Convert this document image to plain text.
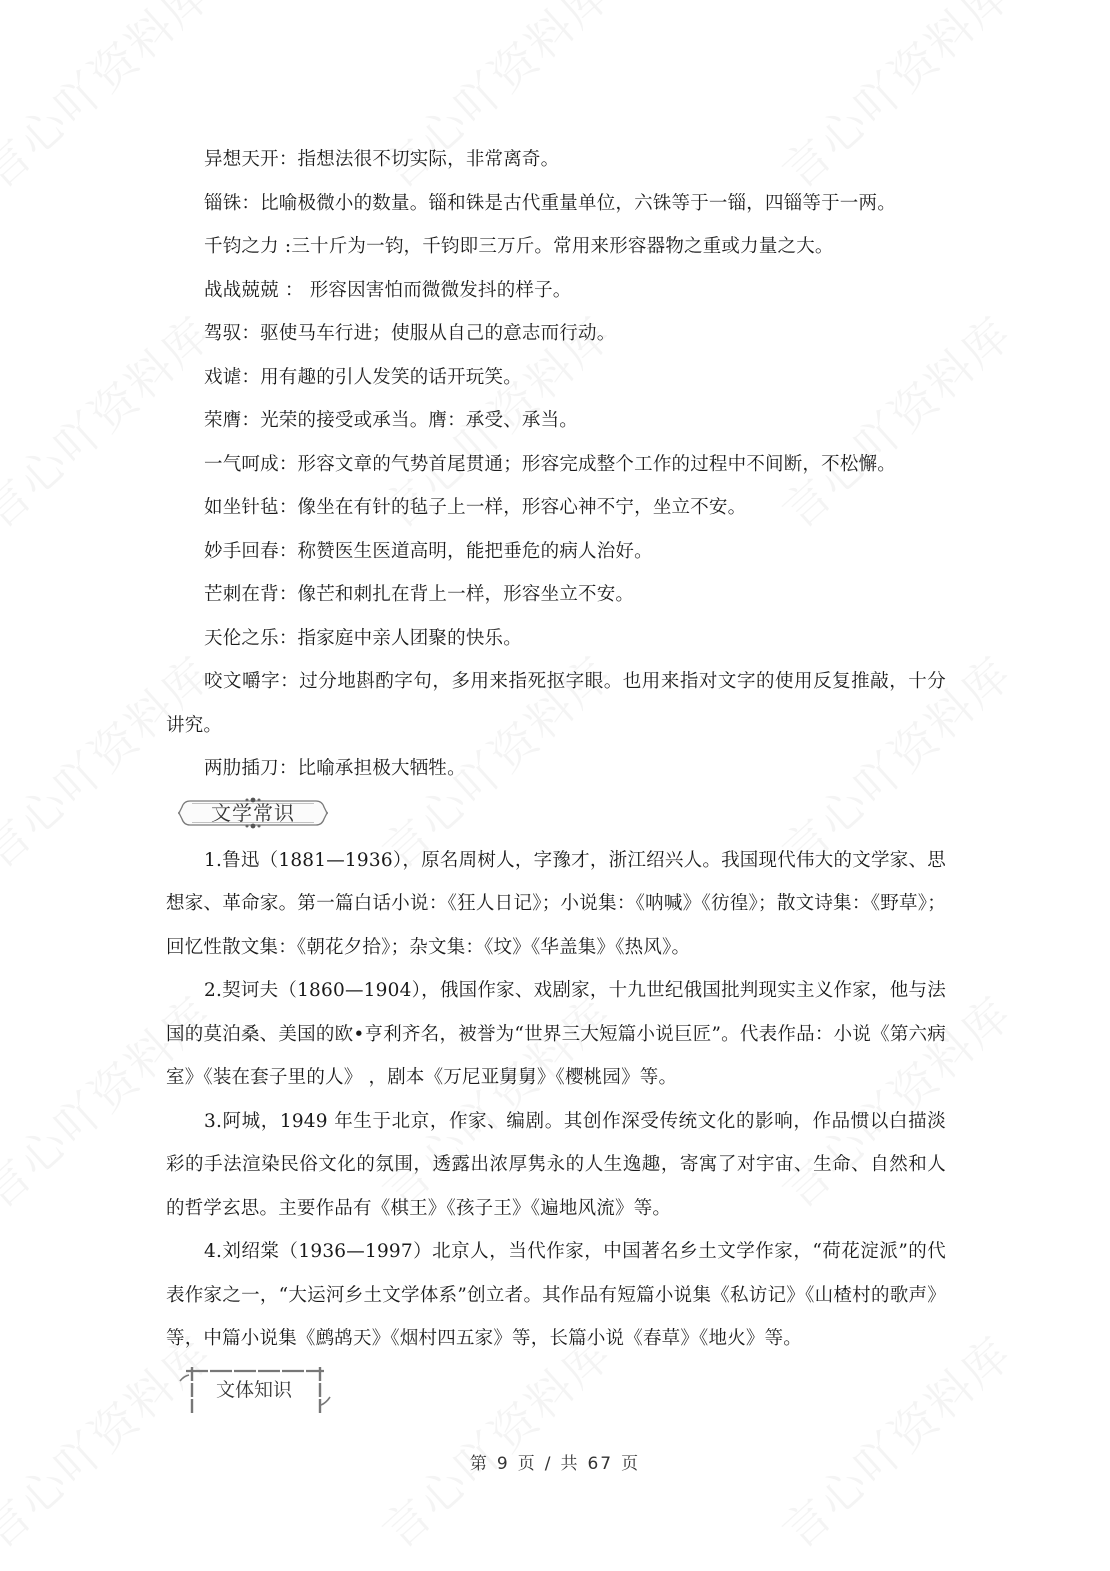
异想天开：指想法很不切实际，非常离奇。

锱铢：比喻极微小的数量。锱和铢是古代重量单位，六铢等于一锱，四锱等于一两。

千钧之力 :三十斤为一钧，千钧即三万斤。常用来形容器物之重或力量之大。

战战兢兢 ： 形容因害怕而微微发抖的样子。

驾驭：驱使马车行进；使服从自己的意志而行动。

戏谑：用有趣的引人发笑的话开玩笑。

荣膺：光荣的接受或承当。膺：承受、承当。

一气呵成：形容文章的气势首尾贯通；形容完成整个工作的过程中不间断，不松懈。

如坐针毡：像坐在有针的毡子上一样，形容心神不宁，坐立不安。

妙手回春：称赞医生医道高明，能把垂危的病人治好。

芒刺在背：像芒和刺扎在背上一样，形容坐立不安。

天伦之乐：指家庭中亲人团聚的快乐。

咬文嚼字：过分地斟酌字句，多用来指死抠字眼。也用来指对文字的使用反复推敲，十分讲究。

两肋插刀：比喻承担极大牺牲。

文学常识

1.鲁迅（1881—1936），原名周树人，字豫才，浙江绍兴人。我国现代伟大的文学家、思想家、革命家。第一篇白话小说：《狂人日记》；小说集：《呐喊》《彷徨》；散文诗集：《野草》；回忆性散文集：《朝花夕拾》；杂文集：《坟》《华盖集》《热风》。

2.契诃夫（1860—1904），俄国作家、戏剧家，十九世纪俄国批判现实主义作家，他与法国的莫泊桑、美国的欧•亨利齐名，被誉为“世界三大短篇小说巨匠”。代表作品：小说《第六病室》《装在套子里的人》 ，剧本《万尼亚舅舅》《樱桃园》等。

3.阿城，1949 年生于北京，作家、编剧。其创作深受传统文化的影响，作品惯以白描淡彩的手法渲染民俗文化的氛围，透露出浓厚隽永的人生逸趣，寄寓了对宇宙、生命、自然和人的哲学玄思。主要作品有《棋王》《孩子王》《遍地风流》等。

4.刘绍棠（1936—1997）北京人，当代作家，中国著名乡土文学作家，“荷花淀派”的代表作家之一，“大运河乡土文学体系”创立者。其作品有短篇小说集《私访记》《山楂村的歌声》等，中篇小说集《鹧鸪天》《烟村四五家》等，长篇小说《春草》《地火》等。

文体知识
第 9 页 / 共 67 页
